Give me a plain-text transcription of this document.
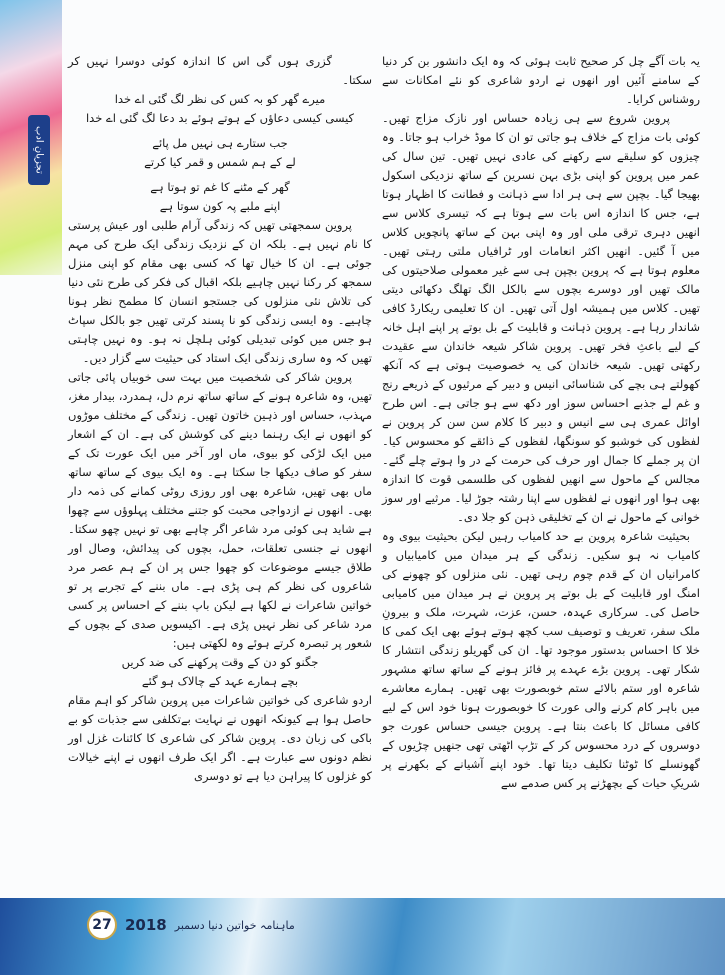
تجزیانِ ادب

یہ بات آگے چل کر صحیح ثابت ہوئی کہ وہ ایک دانشور بن کر دنیا کے سامنے آئیں اور انھوں نے اردو شاعری کو نئے امکانات سے روشناس کرایا۔

پروین شروع سے ہی زیادہ حساس اور نازک مزاج تھیں۔ کوئی بات مزاج کے خلاف ہو جاتی تو ان کا موڈ خراب ہو جاتا۔ وہ چیزوں کو سلیقے سے رکھنے کی عادی نہیں تھیں۔ تین سال کی عمر میں پروین کو اپنی بڑی بہن نسرین کے ساتھ نزدیکی اسکول بھیجا گیا۔ بچپن سے ہی ہر ادا سے ذہانت و فطانت کا اظہار ہوتا ہے، جس کا اندازہ اس بات سے ہوتا ہے کہ تیسری کلاس سے انھیں دہری ترقی ملی اور وہ اپنی بہن کے ساتھ پانچویں کلاس میں آ گئیں۔ انھیں اکثر انعامات اور ٹرافیاں ملتی رہتی تھیں۔ معلوم ہوتا ہے کہ پروین بچپن ہی سے غیر معمولی صلاحیتوں کی مالک تھیں اور دوسرے بچوں سے بالکل الگ تھلگ دکھائی دیتی تھیں۔ کلاس میں ہمیشہ اول آتی تھیں۔ ان کا تعلیمی ریکارڈ کافی شاندار رہا ہے۔ پروین ذہانت و قابلیت کے بل بوتے پر اپنے اہل خانہ کے لیے باعثِ فخر تھیں۔ پروین شاکر شیعہ خاندان سے عقیدت رکھتی تھیں۔ شیعہ خاندان کی یہ خصوصیت ہوتی ہے کہ آنکھ کھولتے ہی بچے کی شناسائی انیس و دبیر کے مرثیوں کے ذریعے رنج و غم لے جذبے احساس سوز اور دکھ سے ہو جاتی ہے۔ اس طرح اوائل عمری ہی سے انیس و دبیر کا کلام سن سن کر پروین نے لفظوں کی خوشبو کو سونگھا، لفظوں کے ذائقے کو محسوس کیا۔ ان پر جملے کا جمال اور حرف کی حرمت کے در وا ہوتے چلے گئے۔ مجالس کے ماحول سے انھیں لفظوں کی طلسمی قوت کا اندازہ بھی ہوا اور انھوں نے لفظوں سے اپنا رشتہ جوڑ لیا۔ مرثیے اور سوز خوانی کے ماحول نے ان کے تخلیقی ذہن کو جلا دی۔

بحیثیت شاعرہ پروین بے حد کامیاب رہیں لیکن بحیثیت بیوی وہ کامیاب نہ ہو سکیں۔ زندگی کے ہر میدان میں کامیابیاں و کامرانیاں ان کے قدم چوم رہی تھیں۔ نئی منزلوں کو چھونے کی امنگ اور قابلیت کے بل بوتے پر پروین نے ہر میدان میں کامیابی حاصل کی۔ سرکاری عہدہ، حسن، عزت، شہرت، ملک و بیرونِ ملک سفر، تعریف و توصیف سب کچھ ہوتے ہوئے بھی ایک کمی کا خلا کا احساس بدستور موجود تھا۔ ان کی گھریلو زندگی انتشار کا شکار تھی۔ پروین بڑے عہدے پر فائز ہونے کے ساتھ ساتھ مشہور شاعرہ اور ستم بالائے ستم خوبصورت بھی تھیں۔ ہمارے معاشرے میں باہر کام کرنے والی عورت کا خوبصورت ہونا خود اس کے لیے کافی مسائل کا باعث بنتا ہے۔ پروین جیسی حساس عورت جو دوسروں کے درد محسوس کر کے تڑپ اٹھتی تھی جنھیں چڑیوں کے گھونسلے کا ٹوٹنا تکلیف دیتا تھا۔ خود اپنے آشیانے کے بکھرنے پر شریکِ حیات کے بچھڑنے پر کس صدمے سے

گزری ہوں گی اس کا اندازہ کوئی دوسرا نہیں کر سکتا۔

میرے گھر کو بہ کس کی نظر لگ گئی اے خدا

کیسی کیسی دعاؤں کے ہوتے ہوئے بد دعا لگ گئی اے خدا

جب ستارے ہی نہیں مل پائے

لے کے ہم شمس و قمر کیا کرتے

گھر کے مٹنے کا غم تو ہوتا ہے

اپنے ملبے پہ کون سوتا ہے

پروین سمجھتی تھیں کہ زندگی آرام طلبی اور عیش پرستی کا نام نہیں ہے۔ بلکہ ان کے نزدیک زندگی ایک طرح کی مہم جوئی ہے۔ ان کا خیال تھا کہ کسی بھی مقام کو اپنی منزل سمجھ کر رکنا نہیں چاہیے بلکہ اقبال کی فکر کی طرح نئی دنیا کی تلاش نئی منزلوں کی جستجو انسان کا مطمح نظر ہونا چاہیے۔ وہ ایسی زندگی کو نا پسند کرتی تھیں جو بالکل سپاٹ ہو جس میں کوئی تبدیلی کوئی ہلچل نہ ہو۔ وہ نہیں چاہتی تھیں کہ وہ ساری زندگی ایک استاد کی حیثیت سے گزار دیں۔

پروین شاکر کی شخصیت میں بہت سی خوبیاں پائی جاتی تھیں، وہ شاعرہ ہونے کے ساتھ ساتھ نرم دل، ہمدرد، بیدار مغز، مہذب، حساس اور ذہین خاتون تھیں۔ زندگی کے مختلف موڑوں کو انھوں نے ایک رہنما دینے کی کوشش کی ہے۔ ان کے اشعار میں ایک لڑکی کو بیوی، ماں اور آخر میں ایک عورت تک کے سفر کو صاف دیکھا جا سکتا ہے۔ وہ ایک بیوی کے ساتھ ساتھ ماں بھی تھیں، شاعرہ بھی اور روزی روٹی کمانے کی ذمہ دار بھی۔ انھوں نے ازدواجی محبت کو جتنے مختلف پہلوؤں سے چھوا ہے شاید ہی کوئی مرد شاعر اگر چاہے بھی تو نہیں چھو سکتا۔ انھوں نے جنسی تعلقات، حمل، بچوں کی پیدائش، وصال اور طلاق جیسے موضوعات کو چھوا جس پر ان کے ہم عصر مرد شاعروں کی نظر کم ہی پڑی ہے۔ ماں بننے کے تجربے پر تو خواتین شاعرات نے لکھا ہے لیکن باپ بننے کے احساس پر کسی مرد شاعر کی نظر نہیں پڑی ہے۔ اکیسویں صدی کے بچوں کے شعور پر تبصرہ کرتے ہوئے وہ لکھتی ہیں:

جگنو کو دن کے وقت پرکھنے کی ضد کریں

بچے ہمارے عہد کے چالاک ہو گئے

اردو شاعری کی خواتین شاعرات میں پروین شاکر کو اہم مقام حاصل ہوا ہے کیونکہ انھوں نے نہایت بےتکلفی سے جذبات کو بے باکی کی زبان دی۔ پروین شاکر کی شاعری کا کائنات غزل اور نظم دونوں سے عبارت ہے۔ اگر ایک طرف انھوں نے اپنے خیالات کو غزلوں کا پیراہن دیا ہے تو دوسری

27 2018 ماہنامہ خواتین دنیا دسمبر
